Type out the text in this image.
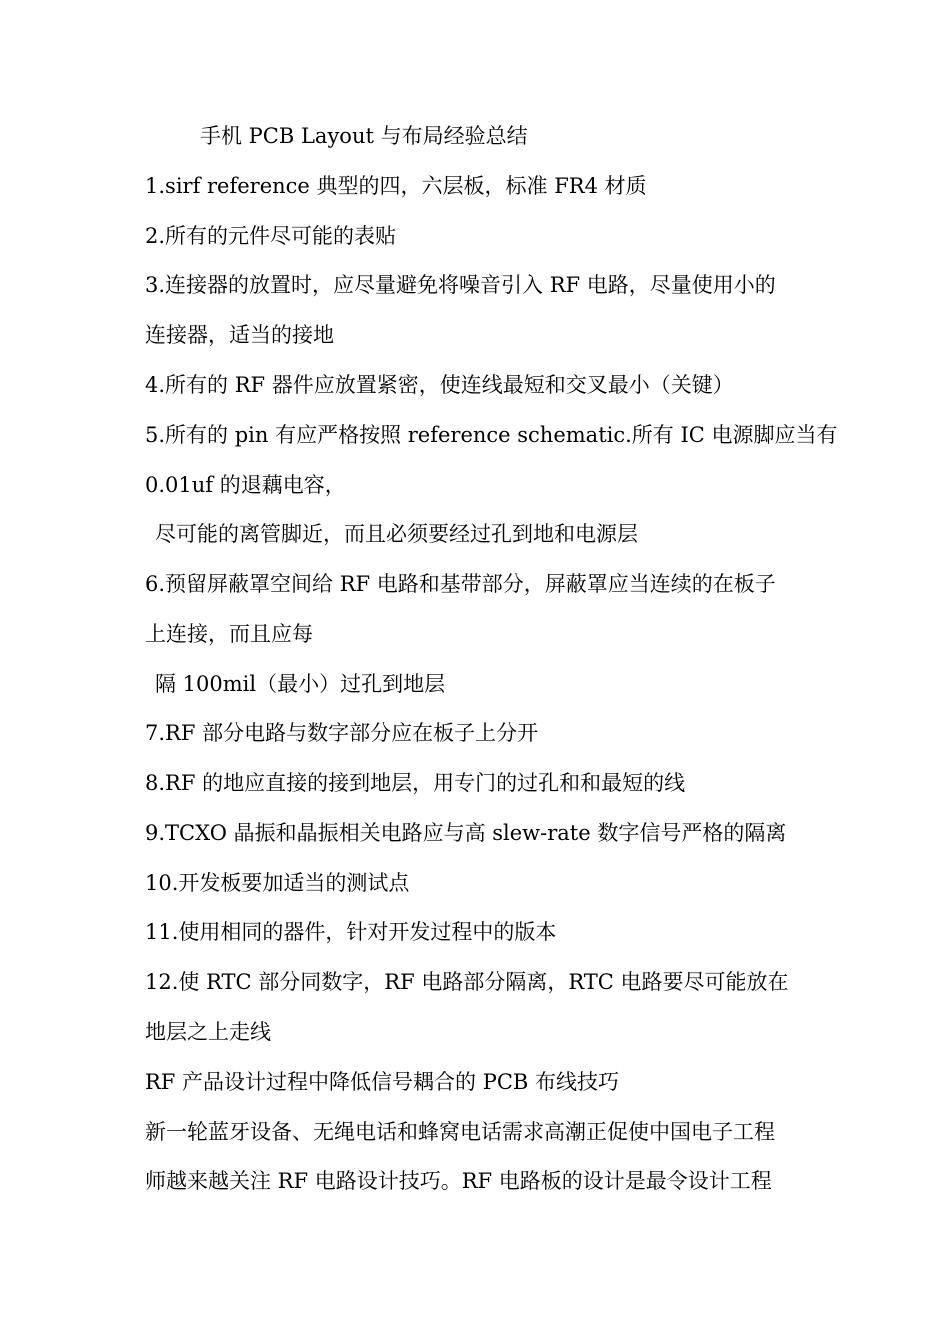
手机 PCB Layout 与布局经验总结
1.sirf reference 典型的四，六层板，标准 FR4 材质
2.所有的元件尽可能的表贴
3.连接器的放置时，应尽量避免将噪音引入 RF 电路，尽量使用小的
连接器，适当的接地
4.所有的 RF 器件应放置紧密，使连线最短和交叉最小（关键）
5.所有的 pin 有应严格按照 reference schematic.所有 IC 电源脚应当有
0.01uf 的退藕电容，
尽可能的离管脚近，而且必须要经过孔到地和电源层
6.预留屏蔽罩空间给 RF 电路和基带部分，屏蔽罩应当连续的在板子
上连接，而且应每
隔 100mil（最小）过孔到地层
7.RF 部分电路与数字部分应在板子上分开
8.RF 的地应直接的接到地层，用专门的过孔和和最短的线
9.TCXO 晶振和晶振相关电路应与高 slew-rate 数字信号严格的隔离
10.开发板要加适当的测试点
11.使用相同的器件，针对开发过程中的版本
12.使 RTC 部分同数字，RF 电路部分隔离，RTC 电路要尽可能放在
地层之上走线
RF 产品设计过程中降低信号耦合的 PCB 布线技巧
新一轮蓝牙设备、无绳电话和蜂窝电话需求高潮正促使中国电子工程
师越来越关注 RF 电路设计技巧。RF 电路板的设计是最令设计工程
